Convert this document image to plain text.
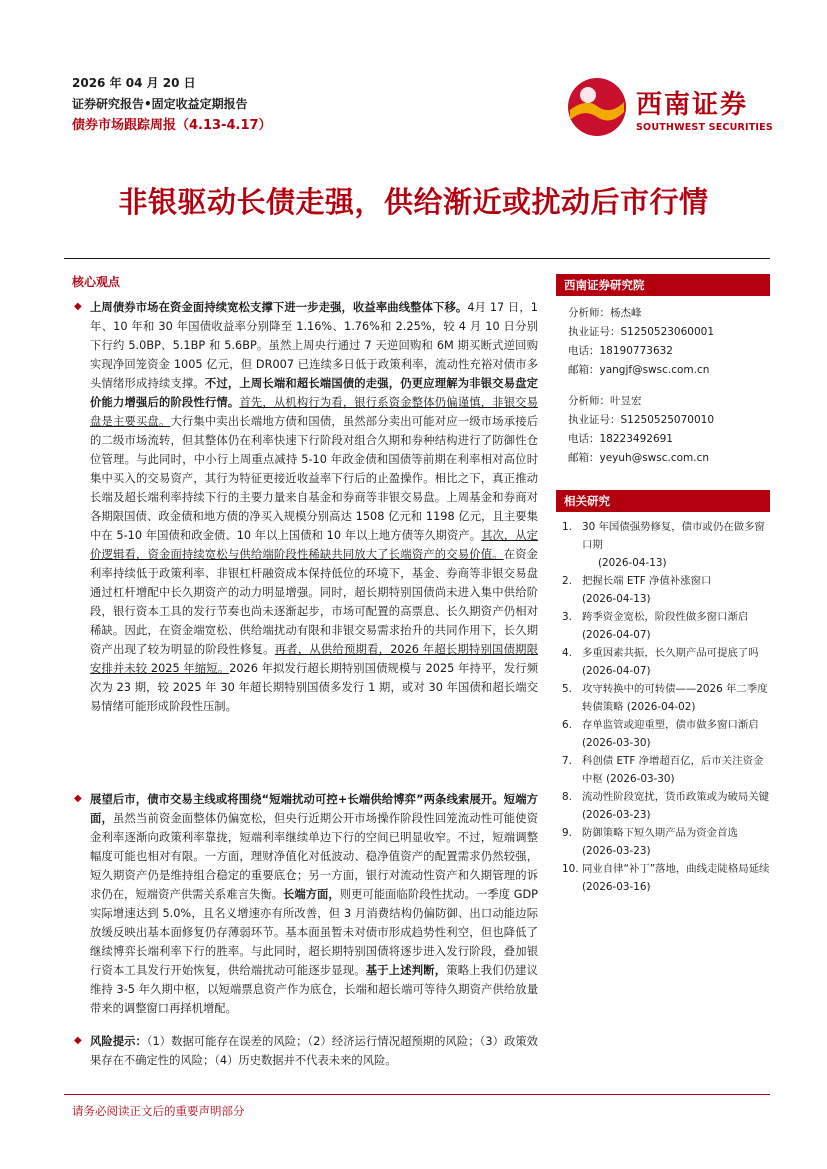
2026 年 04 月 20 日
证券研究报告•固定收益定期报告
债券市场跟踪周报（4.13-4.17）
西南证券
SOUTHWEST SECURITIES
非银驱动长债走强，供给渐近或扰动后市行情
核心观点
◆ 上周债券市场在资金面持续宽松支撑下进一步走强，收益率曲线整体下移。4月 17 日，1 年、10 年和 30 年国债收益率分别降至 1.16%、1.76%和 2.25%，较 4 月 10 日分别下行约 5.0BP、5.1BP 和 5.6BP。虽然上周央行通过 7 天逆回购和 6M 期买断式逆回购实现净回笼资金 1005 亿元，但 DR007 已连续多日低于政策利率，流动性充裕对债市多头情绪形成持续支撑。不过，上周长端和超长端国债的走强，仍更应理解为非银交易盘定价能力增强后的阶段性行情。首先，从机构行为看，银行系资金整体仍偏谨慎，非银交易盘是主要买盘。大行集中卖出长端地方债和国债，虽然部分卖出可能对应一级市场承接后的二级市场流转，但其整体仍在利率快速下行阶段对组合久期和券种结构进行了防御性仓位管理。与此同时，中小行上周重点减持 5-10 年政金债和国债等前期在利率相对高位时集中买入的交易资产，其行为特征更接近收益率下行后的止盈操作。相比之下，真正推动长端及超长端利率持续下行的主要力量来自基金和券商等非银交易盘。上周基金和券商对各期限国债、政金债和地方债的净买入规模分别高达 1508 亿元和 1198 亿元，且主要集中在 5-10 年国债和政金债、10 年以上国债和 10 年以上地方债等久期资产。其次，从定价逻辑看，资金面持续宽松与供给端阶段性稀缺共同放大了长端资产的交易价值。在资金利率持续低于政策利率、非银杠杆融资成本保持低位的环境下，基金、券商等非银交易盘通过杠杆增配中长久期资产的动力明显增强。同时，超长期特别国债尚未进入集中供给阶段，银行资本工具的发行节奏也尚未逐渐起步，市场可配置的高票息、长久期资产仍相对稀缺。因此，在资金端宽松、供给端扰动有限和非银交易需求抬升的共同作用下，长久期资产出现了较为明显的阶段性修复。再者，从供给预期看，2026 年超长期特别国债期限安排并未较 2025 年缩短。2026 年拟发行超长期特别国债规模与 2025 年持平，发行频次为 23 期，较 2025 年 30 年超长期特别国债多发行 1 期，或对 30 年国债和超长端交易情绪可能形成阶段性压制。
◆ 展望后市，债市交易主线或将围绕“短端扰动可控+长端供给博弈”两条线索展开。短端方面，虽然当前资金面整体仍偏宽松，但央行近期公开市场操作阶段性回笼流动性可能使资金利率逐渐向政策利率靠拢，短端利率继续单边下行的空间已明显收窄。不过，短端调整幅度可能也相对有限。一方面，理财净值化对低波动、稳净值资产的配置需求仍然较强，短久期资产仍是维持组合稳定的重要底仓；另一方面，银行对流动性资产和久期管理的诉求仍在，短端资产供需关系难言失衡。长端方面，则更可能面临阶段性扰动。一季度 GDP 实际增速达到 5.0%，且名义增速亦有所改善，但 3 月消费结构仍偏防御、出口动能边际放缓反映出基本面修复仍存薄弱环节。基本面虽暂未对债市形成趋势性利空，但也降低了继续博弈长端利率下行的胜率。与此同时，超长期特别国债将逐步进入发行阶段，叠加银行资本工具发行开始恢复，供给端扰动可能逐步显现。基于上述判断，策略上我们仍建议维持 3-5 年久期中枢，以短端票息资产作为底仓，长端和超长端可等待久期资产供给放量带来的调整窗口再择机增配。
◆ 风险提示：（1）数据可能存在误差的风险；（2）经济运行情况超预期的风险；（3）政策效果存在不确定性的风险；（4）历史数据并不代表未来的风险。
西南证券研究院
分析师：杨杰峰
执业证号：S1250523060001
电话：18190773632
邮箱：yangjf@swsc.com.cn
分析师：叶昱宏
执业证号：S1250525070010
电话：18223492691
邮箱：yeyuh@swsc.com.cn
相关研究
1. 30 年国债强势修复，债市或仍在做多窗口期
(2026-04-13)
2. 把握长端 ETF 净值补涨窗口
(2026-04-13)
3. 跨季资金宽松，阶段性做多窗口渐启
(2026-04-07)
4. 多重因素共振，长久期产品可提底了吗
(2026-04-07)
5. 攻守转换中的可转债——2026 年二季度转债策略 (2026-04-02)
6. 存单监管或迎重塑，债市做多窗口渐启
(2026-03-30)
7. 科创债 ETF 净增超百亿，后市关注资金中枢 (2026-03-30)
8. 流动性阶段宽扰，货币政策或为破局关键 (2026-03-23)
9. 防御策略下短久期产品为资金首选
(2026-03-23)
10. 同业自律“补丁”落地，曲线走陡格局延续 (2026-03-16)
请务必阅读正文后的重要声明部分
